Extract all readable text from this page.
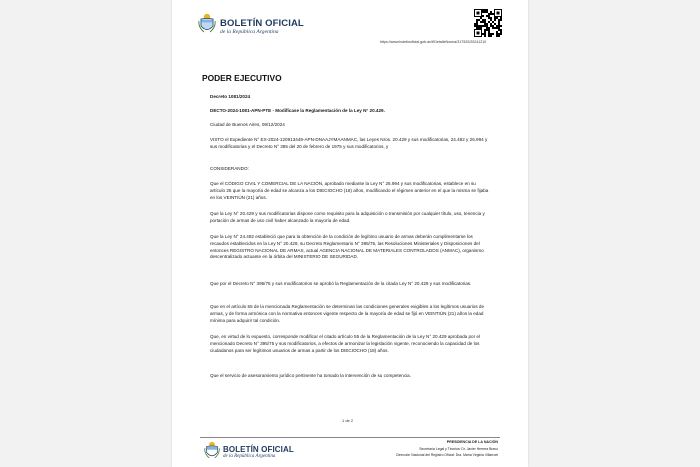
BOLETÍN OFICIAL
de la República Argentina
https://www.boletinoficial.gob.ar/#!DetalleNorma/317920/20241210
PODER EJECUTIVO

Decreto 1081/2024

DECTO-2024-1081-APN-PTE - Modifícase la Reglamentación de la Ley N° 20.429.

Ciudad de Buenos Aires, 09/12/2024

VISTO el Expediente N° EX-2024-120913449-APN-DNAAJYMAANMAC, las Leyes Nros. 20.429 y sus modificatorias, 24.492 y 26.994 y sus modificatorias y el Decreto N° 395 del 20 de febrero de 1975 y sus modificatorios, y

CONSIDERANDO:

Que el CÓDIGO CIVIL Y COMERCIAL DE LA NACIÓN, aprobado mediante la Ley N° 26.994 y sus modificatorias, establece en su artículo 25 que la mayoría de edad se alcanza a los DIECIOCHO (18) años, modificando el régimen anterior en el que la misma se fijaba en los VEINTIÚN (21) años.

Que la Ley N° 20.429 y sus modificatorias dispone como requisito para la adquisición o transmisión por cualquier título, uso, tenencia y portación de armas de uso civil haber alcanzado la mayoría de edad.

Que la Ley N° 24.492 estableció que para la obtención de la condición de legítimo usuario de armas deberán cumplimentarse los recaudos establecidos en la Ley N° 20.429, su Decreto Reglamentario N° 395/75, las Resoluciones Ministeriales y Disposiciones del entonces REGISTRO NACIONAL DE ARMAS, actual AGENCIA NACIONAL DE MATERIALES CONTROLADOS (ANMAC), organismo descentralizado actuante en la órbita del MINISTERIO DE SEGURIDAD.

Que por el Decreto N° 395/75 y sus modificatorios se aprobó la Reglamentación de la citada Ley N° 20.429 y sus modificatorias.

Que en el artículo 55 de la mencionada Reglamentación se determinan las condiciones generales exigibles a los legítimos usuarios de armas, y de forma armónica con la normativa entonces vigente respecto de la mayoría de edad se fijó en VEINTIÚN (21) años la edad mínima para adquirir tal condición.

Que, en virtud de lo expuesto, corresponde modificar el citado artículo 55 de la Reglamentación de la Ley N° 20.429 aprobada por el mencionado Decreto N° 395/75 y sus modificatorios, a efectos de armonizar la legislación vigente, reconociendo la capacidad de los ciudadanos para ser legítimos usuarios de armas a partir de los DIECIOCHO (18) años.

Que el servicio de asesoramiento jurídico pertinente ha tomado la intervención de su competencia.

1 de 2
BOLETÍN OFICIAL
de la República Argentina
PRESIDENCIA DE LA NACIÓN
Secretaría Legal y Técnica: Dr. Javier Herrera Bravo
Dirección Nacional del Registro Oficial: Dra. María Virginia Villarroel
